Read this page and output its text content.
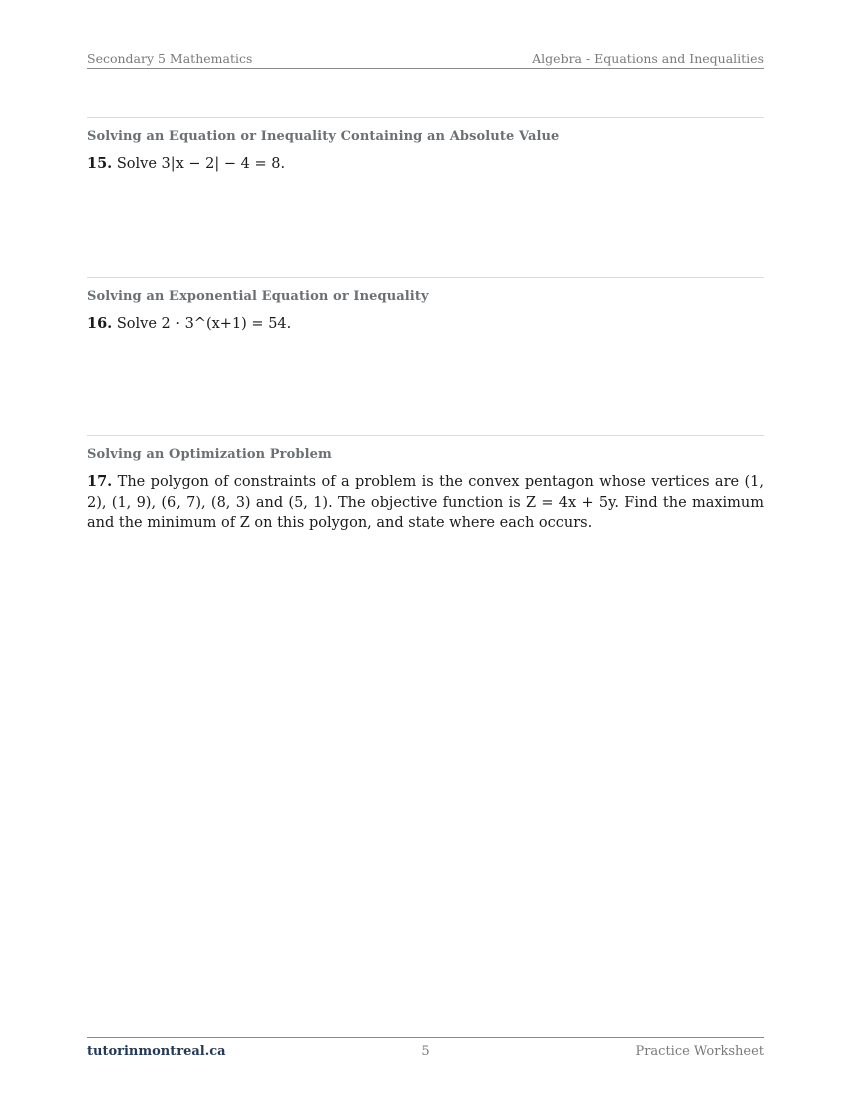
Secondary 5 Mathematics	Algebra - Equations and Inequalities
Solving an Equation or Inequality Containing an Absolute Value
15. Solve 3|x − 2| − 4 = 8.
Solving an Exponential Equation or Inequality
16. Solve 2 · 3^(x+1) = 54.
Solving an Optimization Problem
17. The polygon of constraints of a problem is the convex pentagon whose vertices are (1, 2), (1, 9), (6, 7), (8, 3) and (5, 1). The objective function is Z = 4x + 5y. Find the maximum and the minimum of Z on this polygon, and state where each occurs.
tutorinmontreal.ca	5	Practice Worksheet
